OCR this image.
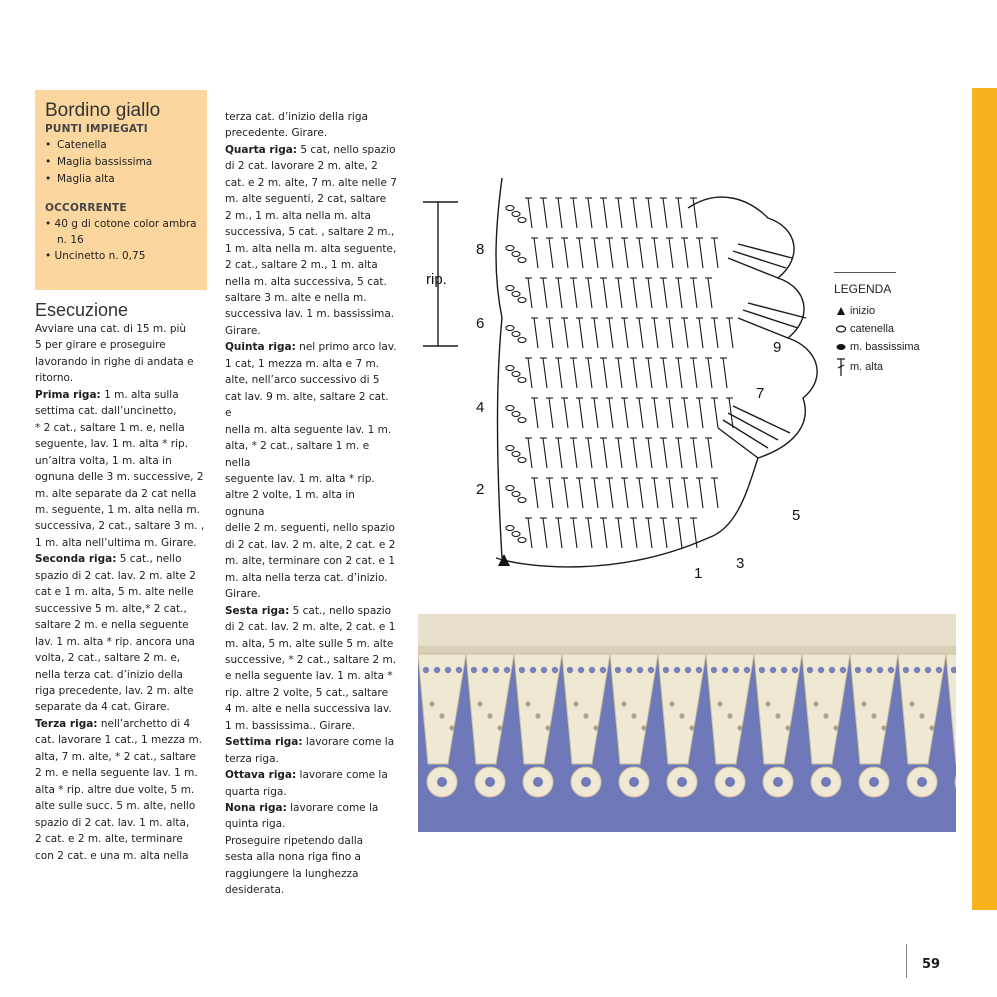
59
Bordino giallo
PUNTI IMPIEGATI
• Catenella
• Maglia bassissima
• Maglia alta
OCCORRENTE
• 40 g di cotone color ambra
n. 16
• Uncinetto n. 0,75
Esecuzione

Avviare una cat. di 15 m. più

5 per girare e proseguire

lavorando in righe di andata e

ritorno.

Prima riga: 1 m. alta sulla

settima cat. dall’uncinetto,

* 2 cat., saltare 1 m. e, nella

seguente, lav. 1 m. alta * rip.

un’altra volta, 1 m. alta in

ognuna delle 3 m. successive, 2

m. alte separate da 2 cat nella

m. seguente, 1 m. alta nella m.

successiva, 2 cat., saltare 3 m. ,

1 m. alta nell’ultima m. Girare.

Seconda riga: 5 cat., nello

spazio di 2 cat. lav. 2 m. alte 2

cat e 1 m. alta, 5 m. alte nelle

successive 5 m. alte,* 2 cat.,

saltare 2 m. e nella seguente

lav. 1 m. alta * rip. ancora una

volta, 2 cat., saltare 2 m. e,

nella terza cat. d’inizio della

riga precedente, lav. 2 m. alte

separate da 4 cat. Girare.

Terza riga: nell’archetto di 4

cat. lavorare 1 cat., 1 mezza m.

alta, 7 m. alte, * 2 cat., saltare

2 m. e nella seguente lav. 1 m.

alta * rip. altre due volte, 5 m.

alte sulle succ. 5 m. alte, nello

spazio di 2 cat. lav. 1 m. alta,

2 cat. e 2 m. alte, terminare

con 2 cat. e una m. alta nella

terza cat. d’inizio della riga

precedente. Girare.

Quarta riga: 5 cat, nello spazio

di 2 cat. lavorare 2 m. alte, 2

cat. e 2 m. alte, 7 m. alte nelle 7

m. alte seguenti, 2 cat, saltare

2 m., 1 m. alta nella m. alta

successiva, 5 cat. , saltare 2 m.,

1 m. alta nella m. alta seguente,

2 cat., saltare 2 m., 1 m. alta

nella m. alta successiva, 5 cat.

saltare 3 m. alte e nella m.

successiva lav. 1 m. bassissima.

Girare.

Quinta riga: nel primo arco lav.

1 cat, 1 mezza m. alta e 7 m.

alte, nell’arco successivo di 5

cat lav. 9 m. alte, saltare 2 cat. e

nella m. alta seguente lav. 1 m.

alta, * 2 cat., saltare 1 m. e nella

seguente lav. 1 m. alta * rip.

altre 2 volte, 1 m. alta in ognuna

delle 2 m. seguenti, nello spazio

di 2 cat. lav. 2 m. alte, 2 cat. e 2

m. alte, terminare con 2 cat. e 1

m. alta nella terza cat. d’inizio.

Girare.

Sesta riga: 5 cat., nello spazio

di 2 cat. lav. 2 m. alte, 2 cat. e 1

m. alta, 5 m. alte sulle 5 m. alte

successive, * 2 cat., saltare 2 m.

e nella seguente lav. 1 m. alta *

rip. altre 2 volte, 5 cat., saltare

4 m. alte e nella successiva lav.

1 m. bassissima.. Girare.

Settima riga: lavorare come la

terza riga.

Ottava riga: lavorare come la

quarta riga.

Nona riga: lavorare come la

quinta riga.

Proseguire ripetendo dalla

sesta alla nona riga fino a

raggiungere la lunghezza

desiderata.

rip.
8
6
4
2
9
7
5
3
1
LEGENDA
inizio
catenella
m. bassissima
m. alta
